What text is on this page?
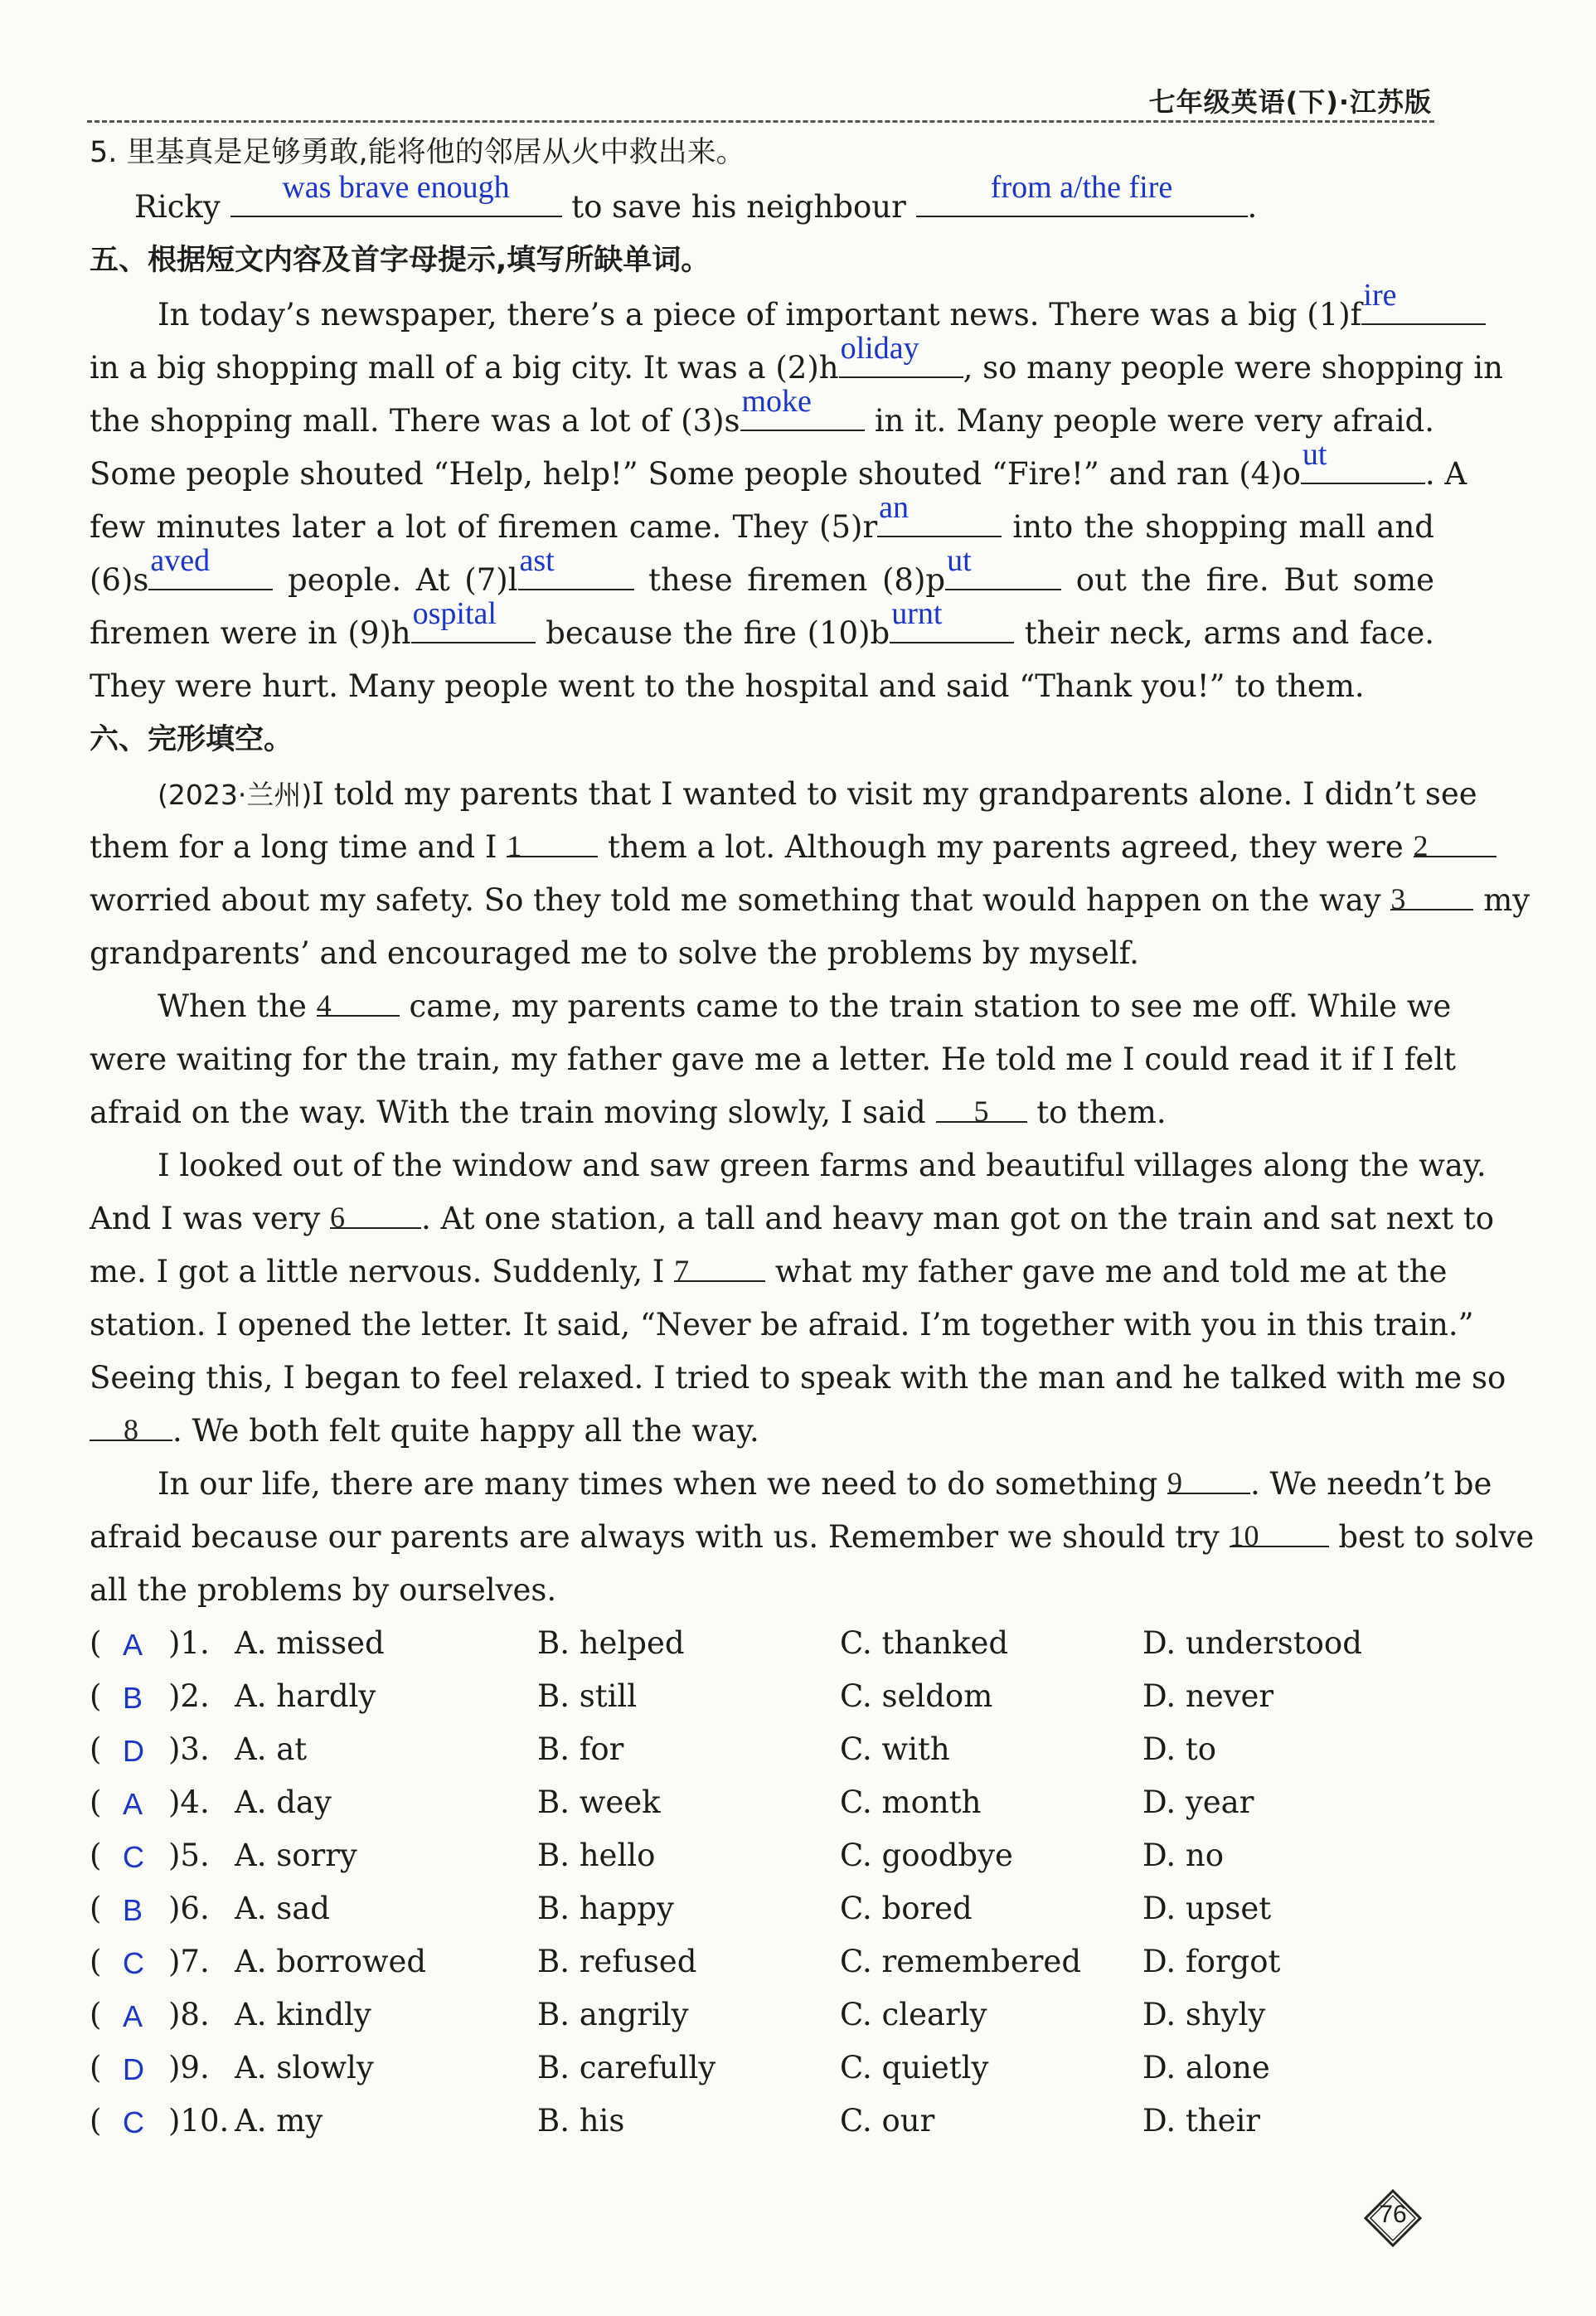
七年级英语(下)·江苏版
5. 里基真是足够勇敢,能将他的邻居从火中救出来。
Ricky
was brave enough
to save his neighbour
from a/the fire
.
五、根据短文内容及首字母提示,填写所缺单词。
In today’s newspaper, there’s a piece of important news. There was a big (1)f
ire
in a big shopping mall of a big city. It was a (2)h
oliday
, so many people were shopping in
the shopping mall. There was a lot of (3)s
moke
in it. Many people were very afraid.
Some people shouted “Help, help!” Some people shouted “Fire!” and ran (4)o
ut
. A
few minutes later a lot of firemen came. They (5)r
an
into the shopping mall and
(6)s
aved
people. At (7)l
ast
these firemen (8)p
ut
out the fire. But some
firemen were in (9)h
ospital
because the fire (10)b
urnt
their neck, arms and face.
They were hurt. Many people went to the hospital and said “Thank you!” to them.
六、完形填空。
(2023·兰州)I told my parents that I wanted to visit my grandparents alone. I didn’t see
them for a long time and I 1	them a lot. Although my parents agreed, they were 2
worried about my safety. So they told me something that would happen on the way 3	my
grandparents’ and encouraged me to solve the problems by myself.
When the 4	came, my parents came to the train station to see me off. While we
were waiting for the train, my father gave me a letter. He told me I could read it if I felt
afraid on the way. With the train moving slowly, I said 5 to them.
I looked out of the window and saw green farms and beautiful villages along the way.
And I was very 6 . At one station, a tall and heavy man got on the train and sat next to
me. I got a little nervous. Suddenly, I 7	what my father gave me and told me at the
station. I opened the letter. It said, “Never be afraid. I’m together with you in this train.”
Seeing this, I began to feel relaxed. I tried to speak with the man and he talked with me so
8 . We both felt quite happy all the way.
In our life, there are many times when we need to do something 9 . We needn’t be
afraid because our parents are always with us. Remember we should try 10	best to solve
all the problems by ourselves.
( A )1. A. missed	B. helped	C. thanked	D. understood
( B )2. A. hardly	B. still	C. seldom	D. never
( D )3. A. at	B. for	C. with	D. to
( A )4. A. day	B. week	C. month	D. year
( C )5. A. sorry	B. hello	C. goodbye	D. no
( B )6. A. sad	B. happy	C. bored	D. upset
( C )7. A. borrowed	B. refused	C. remembered D. forgot
( A )8. A. kindly	B. angrily	C. clearly	D. shyly
( D )9. A. slowly	B. carefully	C. quietly	D. alone
( C )10. A. my	B. his	C. our	D. their
76
